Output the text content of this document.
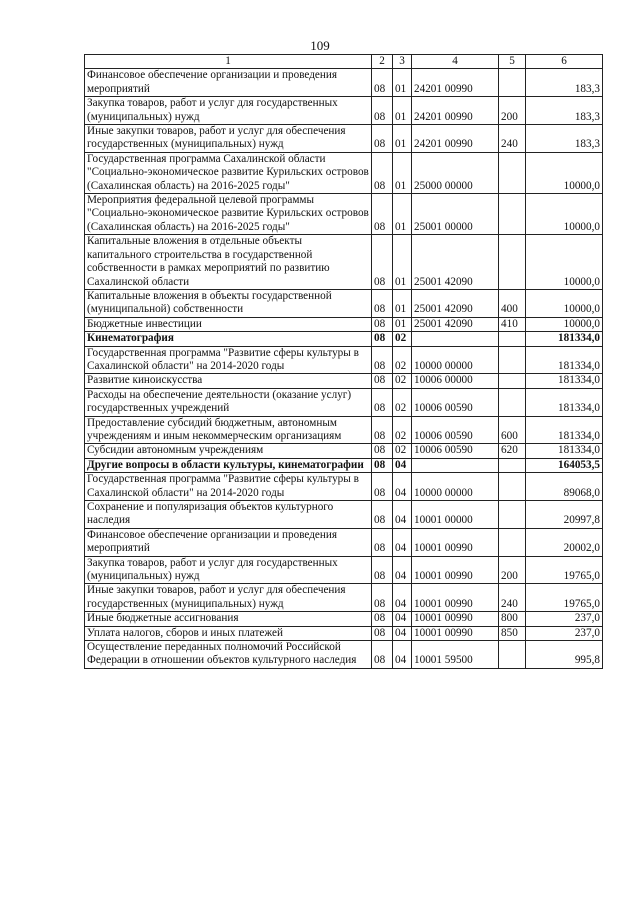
109
1	2	3	4	5	6
Финансовое обеспечение организации и проведения мероприятий	08	01	24201 00990		183,3
Закупка товаров, работ и услуг для государственных (муниципальных) нужд	08	01	24201 00990	200	183,3
Иные закупки товаров, работ и услуг для обеспечения государственных (муниципальных) нужд	08	01	24201 00990	240	183,3
Государственная программа Сахалинской области "Социально-экономическое развитие Курильских островов (Сахалинская область) на 2016-2025 годы"	08	01	25000 00000		10000,0
Мероприятия федеральной целевой программы "Социально-экономическое развитие Курильских островов (Сахалинская область) на 2016-2025 годы"	08	01	25001 00000		10000,0
Капитальные вложения в отдельные объекты капитального строительства в государственной собственности в рамках мероприятий по развитию Сахалинской области	08	01	25001 42090		10000,0
Капитальные вложения в объекты государственной (муниципальной) собственности	08	01	25001 42090	400	10000,0
Бюджетные инвестиции	08	01	25001 42090	410	10000,0
Кинематография	08	02			181334,0
Государственная программа "Развитие сферы культуры в Сахалинской области" на 2014-2020 годы	08	02	10000 00000		181334,0
Развитие киноискусства	08	02	10006 00000		181334,0
Расходы на обеспечение деятельности (оказание услуг) государственных учреждений	08	02	10006 00590		181334,0
Предоставление субсидий бюджетным, автономным учреждениям и иным некоммерческим организациям	08	02	10006 00590	600	181334,0
Субсидии автономным учреждениям	08	02	10006 00590	620	181334,0
Другие вопросы в области культуры, кинематографии	08	04			164053,5
Государственная программа "Развитие сферы культуры в Сахалинской области" на 2014-2020 годы	08	04	10000 00000		89068,0
Сохранение и популяризация объектов культурного наследия	08	04	10001 00000		20997,8
Финансовое обеспечение организации и проведения мероприятий	08	04	10001 00990		20002,0
Закупка товаров, работ и услуг для государственных (муниципальных) нужд	08	04	10001 00990	200	19765,0
Иные закупки товаров, работ и услуг для обеспечения государственных (муниципальных) нужд	08	04	10001 00990	240	19765,0
Иные бюджетные ассигнования	08	04	10001 00990	800	237,0
Уплата налогов, сборов и иных платежей	08	04	10001 00990	850	237,0
Осуществление переданных полномочий Российской Федерации в отношении объектов культурного наследия	08	04	10001 59500		995,8
